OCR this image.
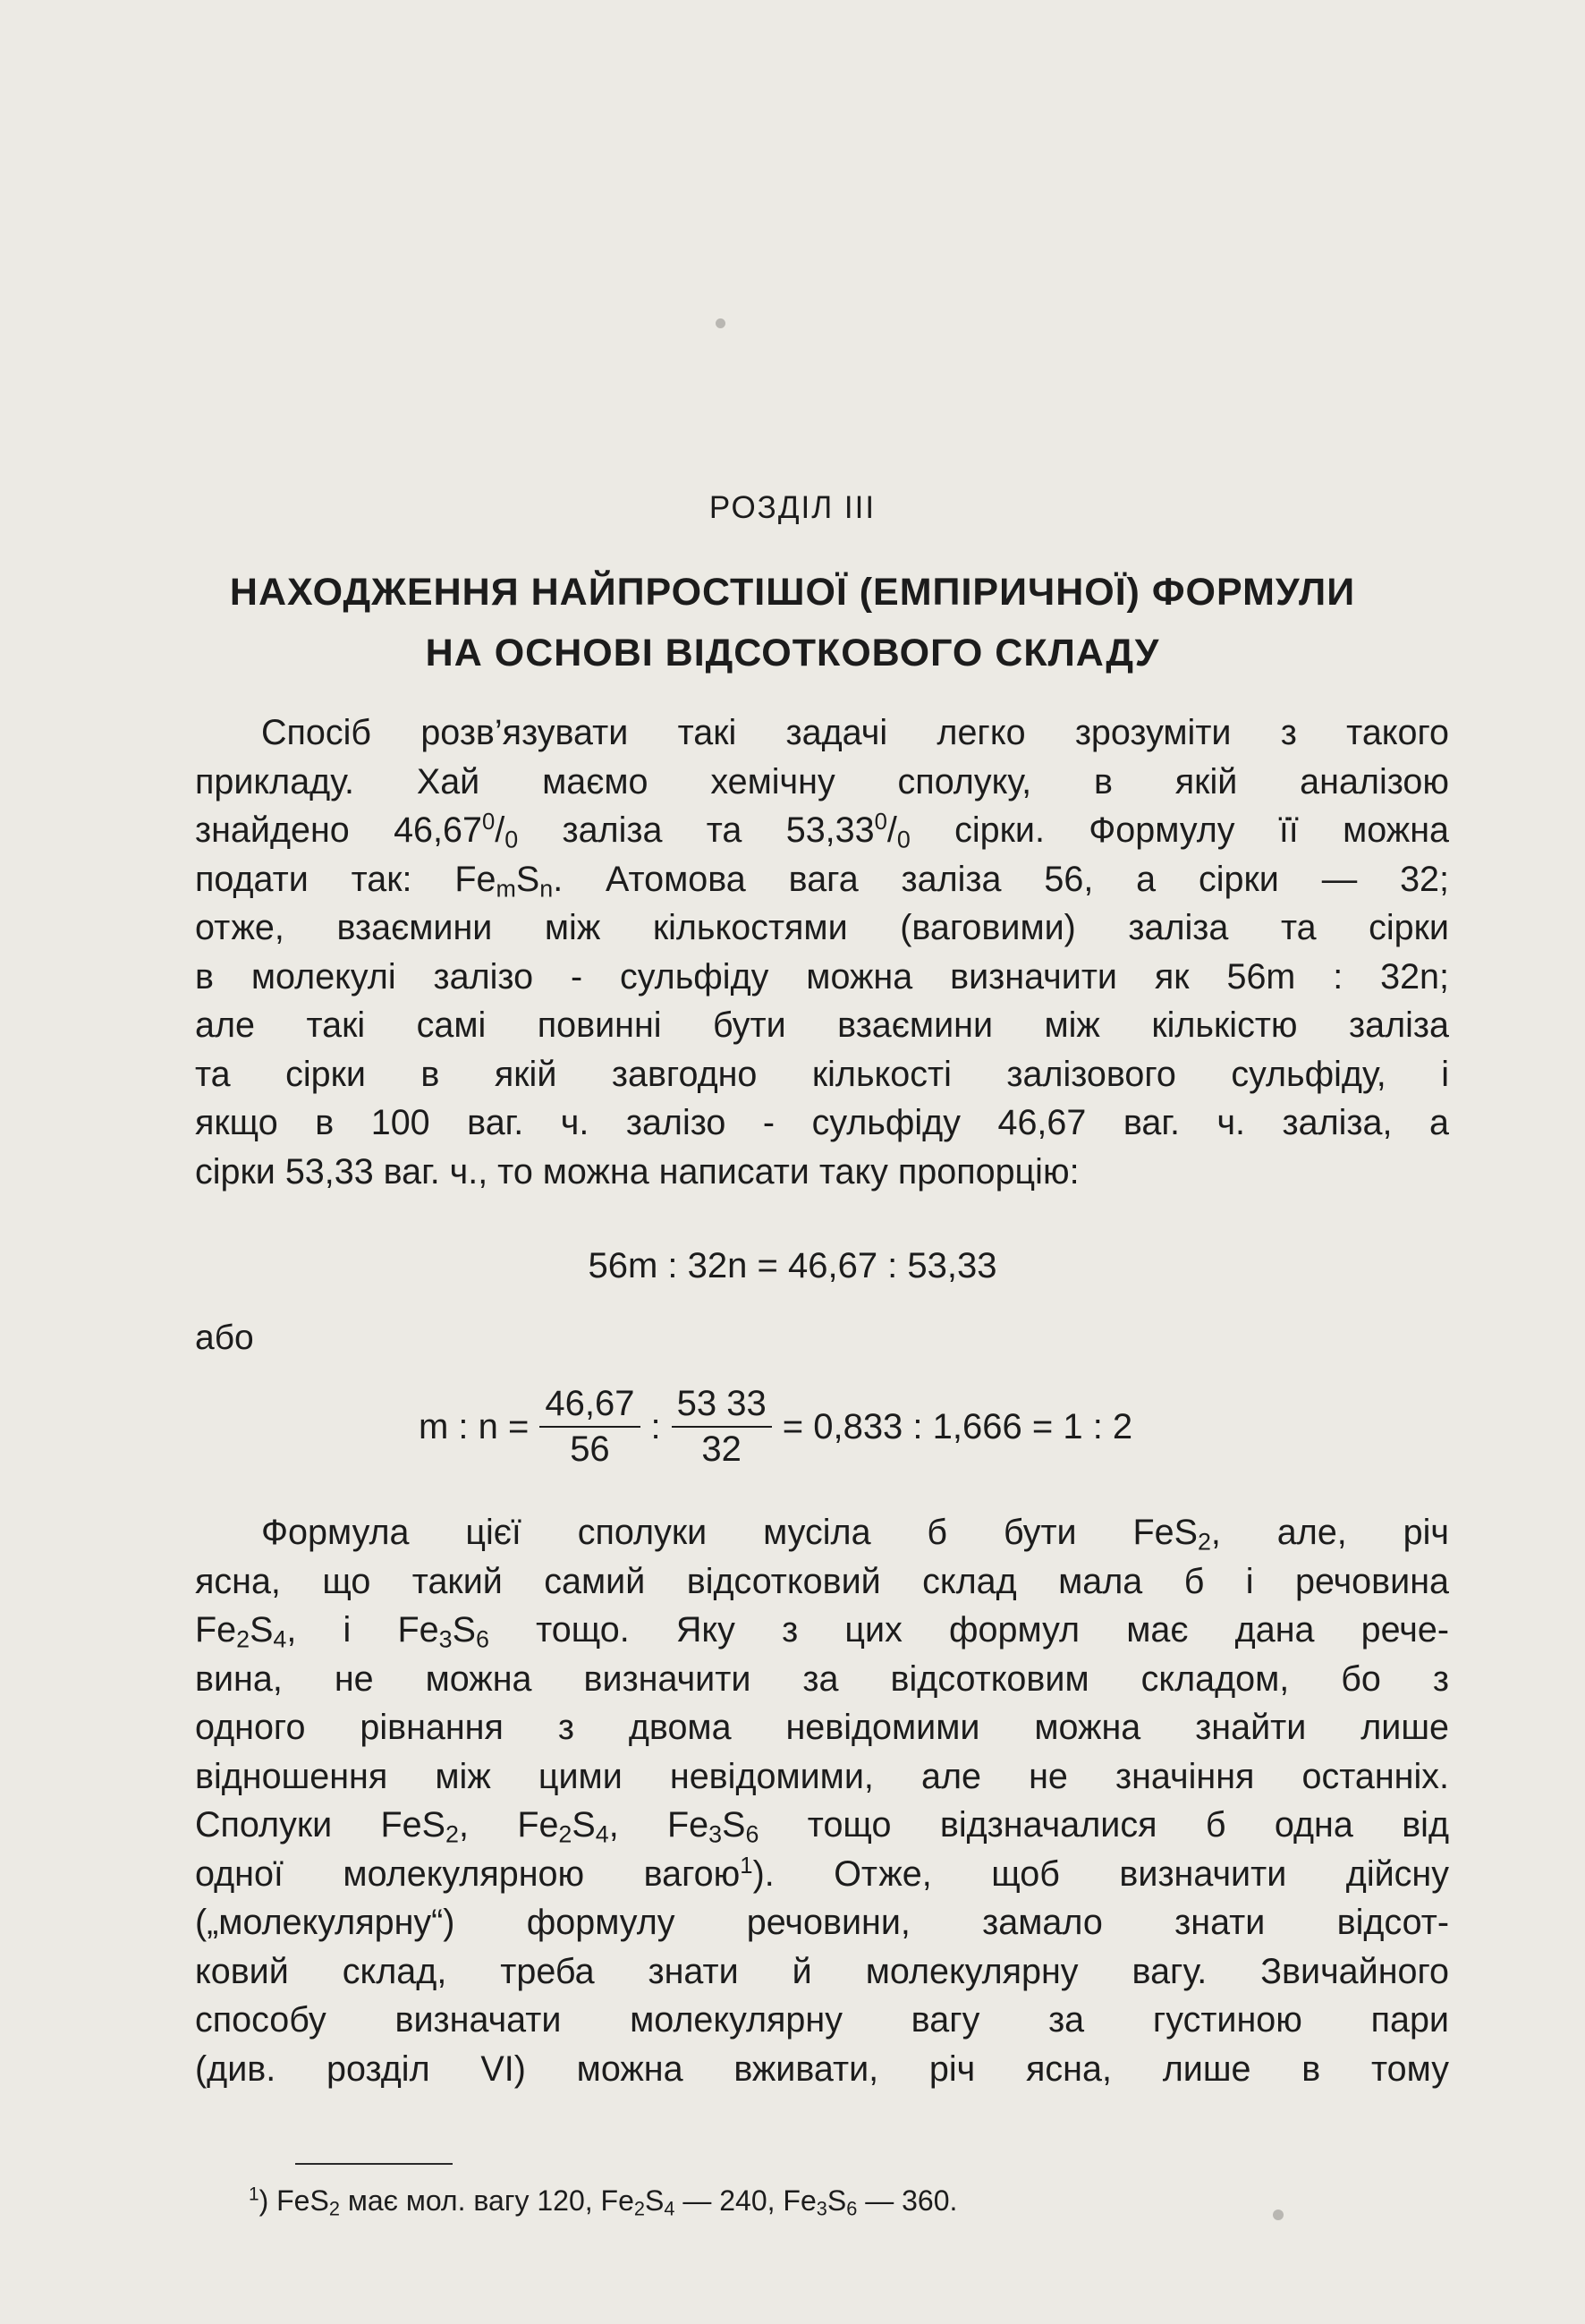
РОЗДІЛ III
НАХОДЖЕННЯ НАЙПРОСТІШОЇ (ЕМПІРИЧНОЇ) ФОРМУЛИ
НА ОСНОВІ ВІДСОТКОВОГО СКЛАДУ
Спосіб розв’язувати такі задачі легко зрозуміти з такого
прикладу. Хай маємо хемічну сполуку, в якій аналізою
знайдено $46,67^0/_0$ заліза та $53,33^0/_0$ сірки. Формулу її можна
подати так: $Fe_mS_n$. Атомова вага заліза 56, а сірки — 32;
отже, взаємини між кількостями (ваговими) заліза та сірки
в молекулі залізо - сульфіду можна визначити як 56m : 32n;
але такі самі повинні бути взаємини між кількістю заліза
та сірки в якій завгодно кількості залізового сульфіду, і
якщо в 100 ваг. ч. залізо - сульфіду 46,67 ваг. ч. заліза, а
сірки 53,33 ваг. ч., то можна написати таку пропорцію:
56m : 32n = 46,67 : 53,33
або
m : $n = \frac{46,67}{56}$ : $\frac{53 33}{32} = 0,833$ : 1,666 = 1 : 2
Формула цієї сполуки мусіла б бути FeS$_2$, але, річ
ясна, що такий самий відсотковий склад мала б і речовина
$Fe_2S_4$, і $Fe_3S_6$ тощо. Яку з цих формул має дана рече-
вина, не можна визначити за відсотковим складом, бо з
одного рівнання з двома невідомими можна знайти лише
відношення між цими невідомими, але не значіння останніх.
Сполуки FeS$_2$, $Fe_2S_4$, $Fe_3S_6$ тощо відзначалися б одна від
одної молекулярною вагою$^1$). Отже, щоб визначити дійсну
(„молекулярну“) формулу речовини, замало знати відсот-
ковий склад, треба знати й молекулярну вагу. Звичайного
способу визначати молекулярну вагу за густиною пари
(див. розділ VI) можна вживати, річ ясна, лише в тому
$^1$) FeS$_2$ має мол. вагу 120, $Fe_2S_4$ — 240, $Fe_3S_6$ — 360.
